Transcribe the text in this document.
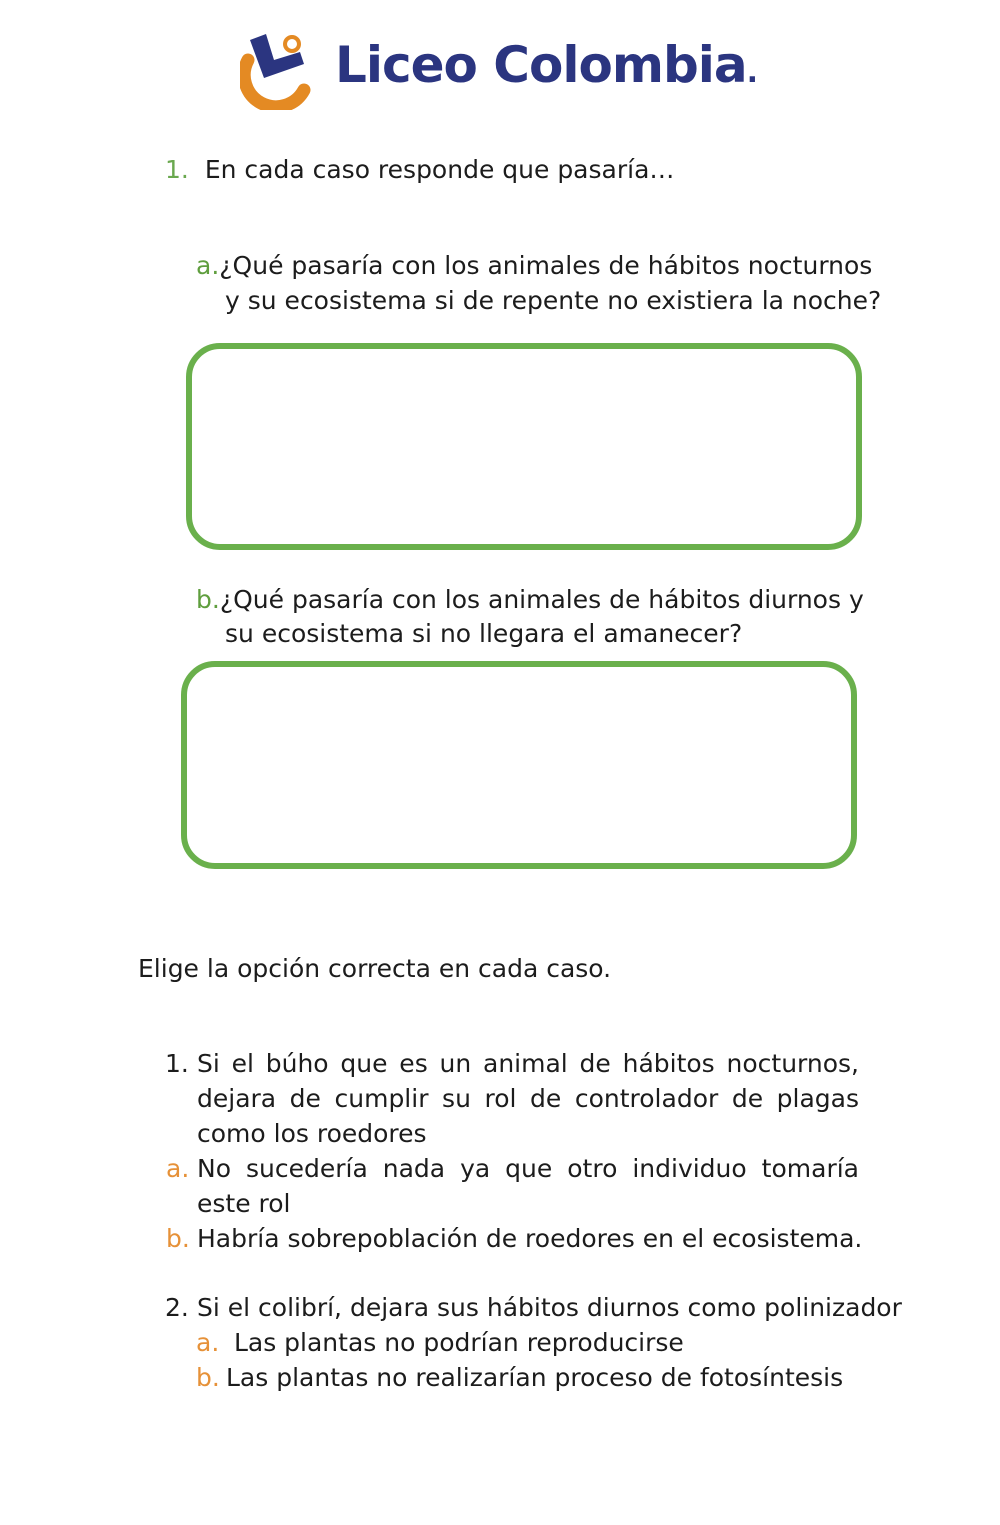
Liceo Colombia.
1. En cada caso responde que pasaría…
a.¿Qué pasaría con los animales de hábitos nocturnos
y su ecosistema si de repente no existiera la noche?
b.¿Qué pasaría con los animales de hábitos diurnos y
su ecosistema si no llegara el amanecer?
Elige la opción correcta en cada caso.
1. Si el búho que es un animal de hábitos nocturnos, dejara de cumplir su rol de controlador de plagas como los roedores
a. No sucedería nada ya que otro individuo tomaría este rol
b. Habría sobrepoblación de roedores en el ecosistema.
2. Si el colibrí, dejara sus hábitos diurnos como polinizador
a. Las plantas no podrían reproducirse
b. Las plantas no realizarían proceso de fotosíntesis
